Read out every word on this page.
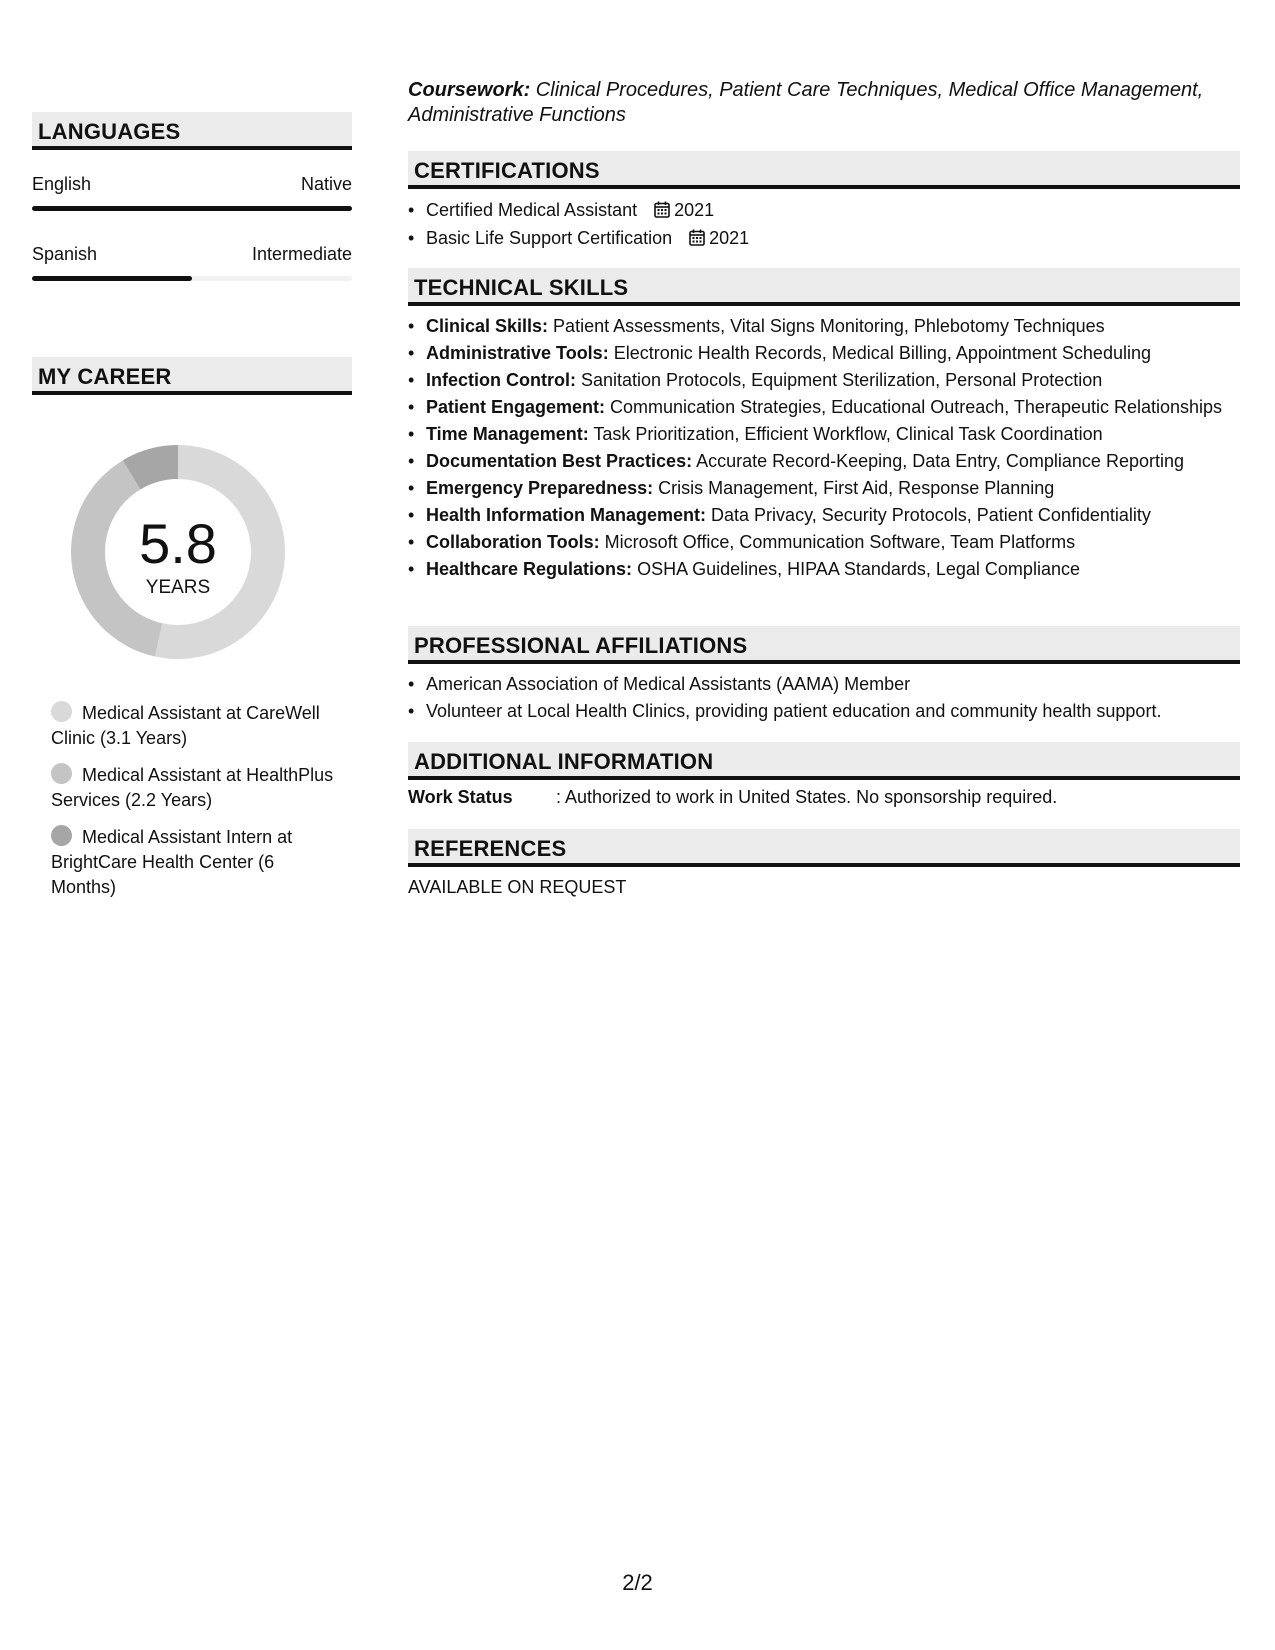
LANGUAGES
English	Native
Spanish	Intermediate
MY CAREER
5.8
YEARS
Medical Assistant at CareWell Clinic (3.1 Years)
Medical Assistant at HealthPlus Services (2.2 Years)
Medical Assistant Intern at BrightCare Health Center (6 Months)
Coursework: Clinical Procedures, Patient Care Techniques, Medical Office Management, Administrative Functions
CERTIFICATIONS
• Certified Medical Assistant 2021
• Basic Life Support Certification 2021
TECHNICAL SKILLS
• Clinical Skills: Patient Assessments, Vital Signs Monitoring, Phlebotomy Techniques
• Administrative Tools: Electronic Health Records, Medical Billing, Appointment Scheduling
• Infection Control: Sanitation Protocols, Equipment Sterilization, Personal Protection
• Patient Engagement: Communication Strategies, Educational Outreach, Therapeutic Relationships
• Time Management: Task Prioritization, Efficient Workflow, Clinical Task Coordination
• Documentation Best Practices: Accurate Record-Keeping, Data Entry, Compliance Reporting
• Emergency Preparedness: Crisis Management, First Aid, Response Planning
• Health Information Management: Data Privacy, Security Protocols, Patient Confidentiality
• Collaboration Tools: Microsoft Office, Communication Software, Team Platforms
• Healthcare Regulations: OSHA Guidelines, HIPAA Standards, Legal Compliance
PROFESSIONAL AFFILIATIONS
• American Association of Medical Assistants (AAMA) Member
• Volunteer at Local Health Clinics, providing patient education and community health support.
ADDITIONAL INFORMATION
Work Status : Authorized to work in United States. No sponsorship required.
REFERENCES
AVAILABLE ON REQUEST
2/2
